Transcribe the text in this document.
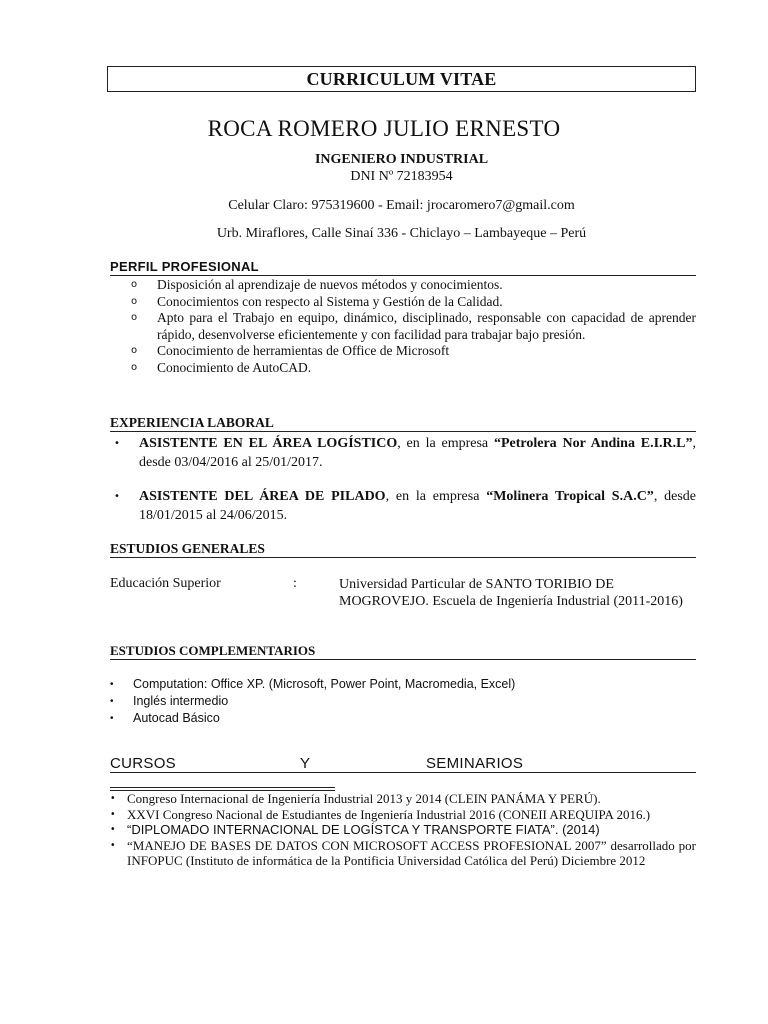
CURRICULUM VITAE
ROCA ROMERO JULIO ERNESTO
INGENIERO INDUSTRIAL
DNI Nº 72183954
Celular Claro: 975319600 - Email: jrocaromero7@gmail.com
Urb. Miraflores, Calle Sinaí 336 - Chiclayo – Lambayeque – Perú
PERFIL PROFESIONAL
o Disposición al aprendizaje de nuevos métodos y conocimientos.
o Conocimientos con respecto al Sistema y Gestión de la Calidad.
o Apto para el Trabajo en equipo, dinámico, disciplinado, responsable con capacidad de aprender rápido, desenvolverse eficientemente y con facilidad para trabajar bajo presión.
o Conocimiento de herramientas de Office de Microsoft
o Conocimiento de AutoCAD.
EXPERIENCIA LABORAL
•	ASISTENTE EN EL ÁREA LOGÍSTICO, en la empresa “Petrolera Nor Andina E.I.R.L”, desde 03/04/2016 al 25/01/2017.
•	ASISTENTE DEL ÁREA DE PILADO, en la empresa “Molinera Tropical S.A.C”, desde 18/01/2015 al 24/06/2015.
ESTUDIOS GENERALES
Educación Superior	:	Universidad Particular de SANTO TORIBIO DE MOGROVEJO. Escuela de Ingeniería Industrial (2011-2016)
ESTUDIOS COMPLEMENTARIOS
• Computation: Office XP. (Microsoft, Power Point, Macromedia, Excel)
• Inglés intermedio
• Autocad Básico
CURSOS	Y	SEMINARIOS
• Congreso Internacional de Ingeniería Industrial 2013 y 2014 (CLEIN PANÁMA Y PERÚ).
• XXVI Congreso Nacional de Estudiantes de Ingeniería Industrial 2016 (CONEII AREQUIPA 2016.)
• “DIPLOMADO INTERNACIONAL DE LOGÍSTCA Y TRANSPORTE FIATA”. (2014)
• “MANEJO DE BASES DE DATOS CON MICROSOFT ACCESS PROFESIONAL 2007” desarrollado por INFOPUC (Instituto de informática de la Pontificia Universidad Católica del Perú) Diciembre 2012
